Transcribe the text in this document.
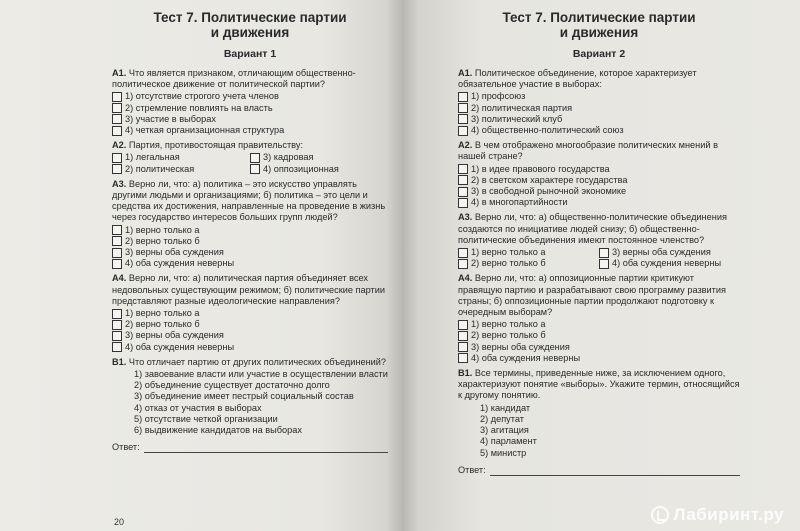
Тест 7. Политические партии
и движения

Вариант 1

А1. Что является признаком, отличающим общественно-политическое движение от политической партии?

1) отсутствие строгого учета членов
2) стремление повлиять на власть
3) участие в выборах
4) четкая организационная структура

А2. Партия, противостоящая правительству:

1) легальная	3) кадровая
2) политическая	4) оппозиционная

А3. Верно ли, что: а) политика – это искусство управлять другими людьми и организациями; б) политика – это цели и средства их достижения, направленные на проведение в жизнь через государство интересов больших групп людей?

1) верно только а
2) верно только б
3) верны оба суждения
4) оба суждения неверны

А4. Верно ли, что: а) политическая партия объединяет всех недовольных существующим режимом; б) политические партии представляют разные идеологические направления?

1) верно только а
2) верно только б
3) верны оба суждения
4) оба суждения неверны

В1. Что отличает партию от других политических объединений?

1) завоевание власти или участие в осуществлении власти
2) объединение существует достаточно долго
3) объединение имеет пестрый социальный состав
4) отказ от участия в выборах
5) отсутствие четкой организации
6) выдвижение кандидатов на выборах
Ответ:
20

Тест 7. Политические партии
и движения

Вариант 2

А1. Политическое объединение, которое характеризует обязательное участие в выборах:

1) профсоюз
2) политическая партия
3) политический клуб
4) общественно-политический союз

А2. В чем отображено многообразие политических мнений в нашей стране?

1) в идее правового государства
2) в светском характере государства
3) в свободной рыночной экономике
4) в многопартийности

А3. Верно ли, что: а) общественно-политические объединения создаются по инициативе людей снизу; б) общественно-политические объединения имеют постоянное членство?

1) верно только а	3) верны оба суждения
2) верно только б	4) оба суждения неверны

А4. Верно ли, что: а) оппозиционные партии критикуют правящую партию и разрабатывают свою программу развития страны; б) оппозиционные партии продолжают подготовку к очередным выборам?

1) верно только а
2) верно только б
3) верны оба суждения
4) оба суждения неверны

В1. Все термины, приведенные ниже, за исключением одного, характеризуют понятие «выборы». Укажите термин, относящийся к другому понятию.

1) кандидат
2) депутат
3) агитация
4) парламент
5) министр
Ответ:
Лабиринт.ру
